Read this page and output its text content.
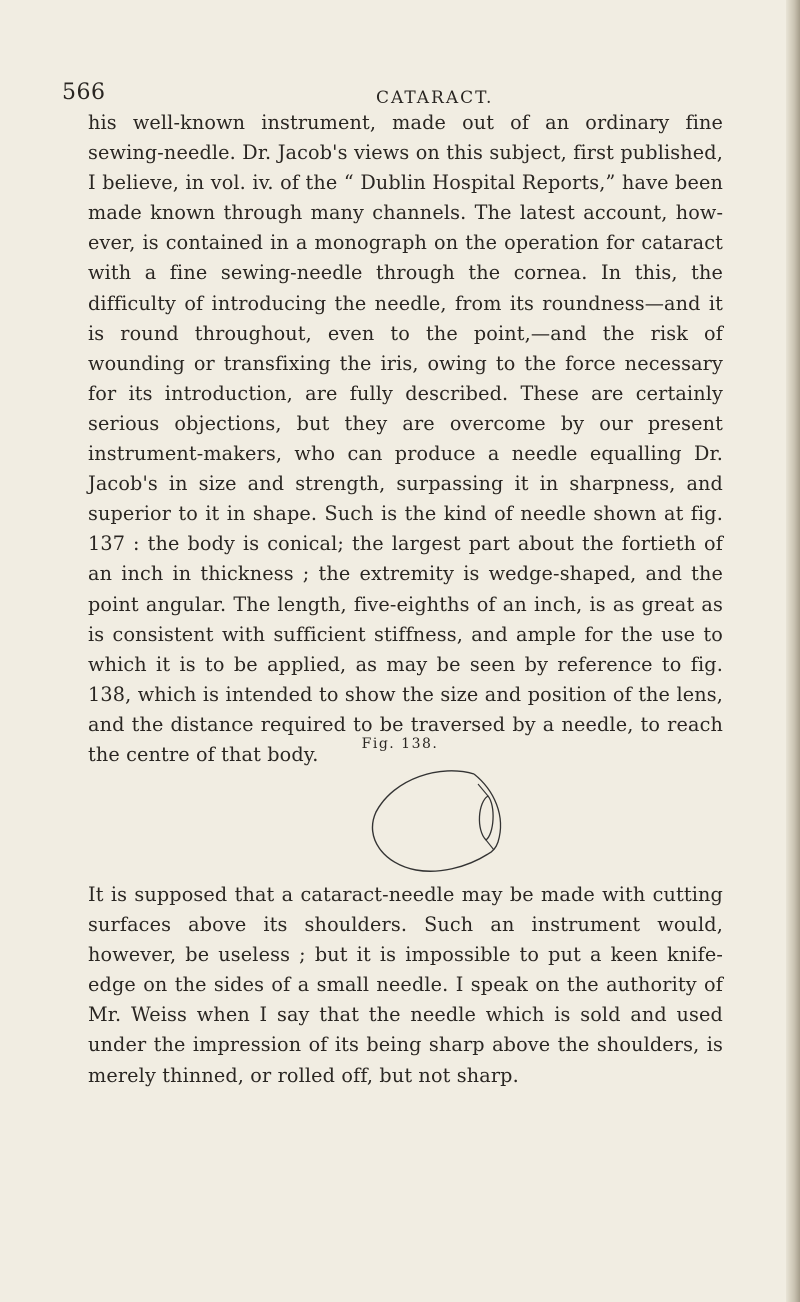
566	CATARACT.

his well-known instrument, made out of an ordinary fine sewing-needle. Dr. Jacob's views on this subject, first published, I believe, in vol. iv. of the “ Dublin Hospital Reports,” have been made known through many channels. The latest account, however, is contained in a monograph on the operation for cataract with a fine sewing-needle through the cornea. In this, the difficulty of introducing the needle, from its roundness—and it is round throughout, even to the point,—and the risk of wounding or transfixing the iris, owing to the force necessary for its introduction, are fully described. These are certainly serious objections, but they are overcome by our present instrument-makers, who can produce a needle equalling Dr. Jacob's in size and strength, surpassing it in sharpness, and superior to it in shape. Such is the kind of needle shown at fig. 137 : the body is conical; the largest part about the fortieth of an inch in thickness ; the extremity is wedge-shaped, and the point angular. The length, five-eighths of an inch, is as great as is consistent with sufficient stiffness, and ample for the use to which it is to be applied, as may be seen by reference to fig. 138, which is intended to show the size and position of the lens, and the distance required to be traversed by a needle, to reach the centre of that body.	Fig. 138.

It is supposed that a cataract-needle may be made with cutting surfaces above its shoulders. Such an instrument would, however, be useless ; but it is impossible to put a keen knife-edge on the sides of a small needle. I speak on the authority of Mr. Weiss when I say that the needle which is sold and used under the impression of its being sharp above the shoulders, is merely thinned, or rolled off, but not sharp.
